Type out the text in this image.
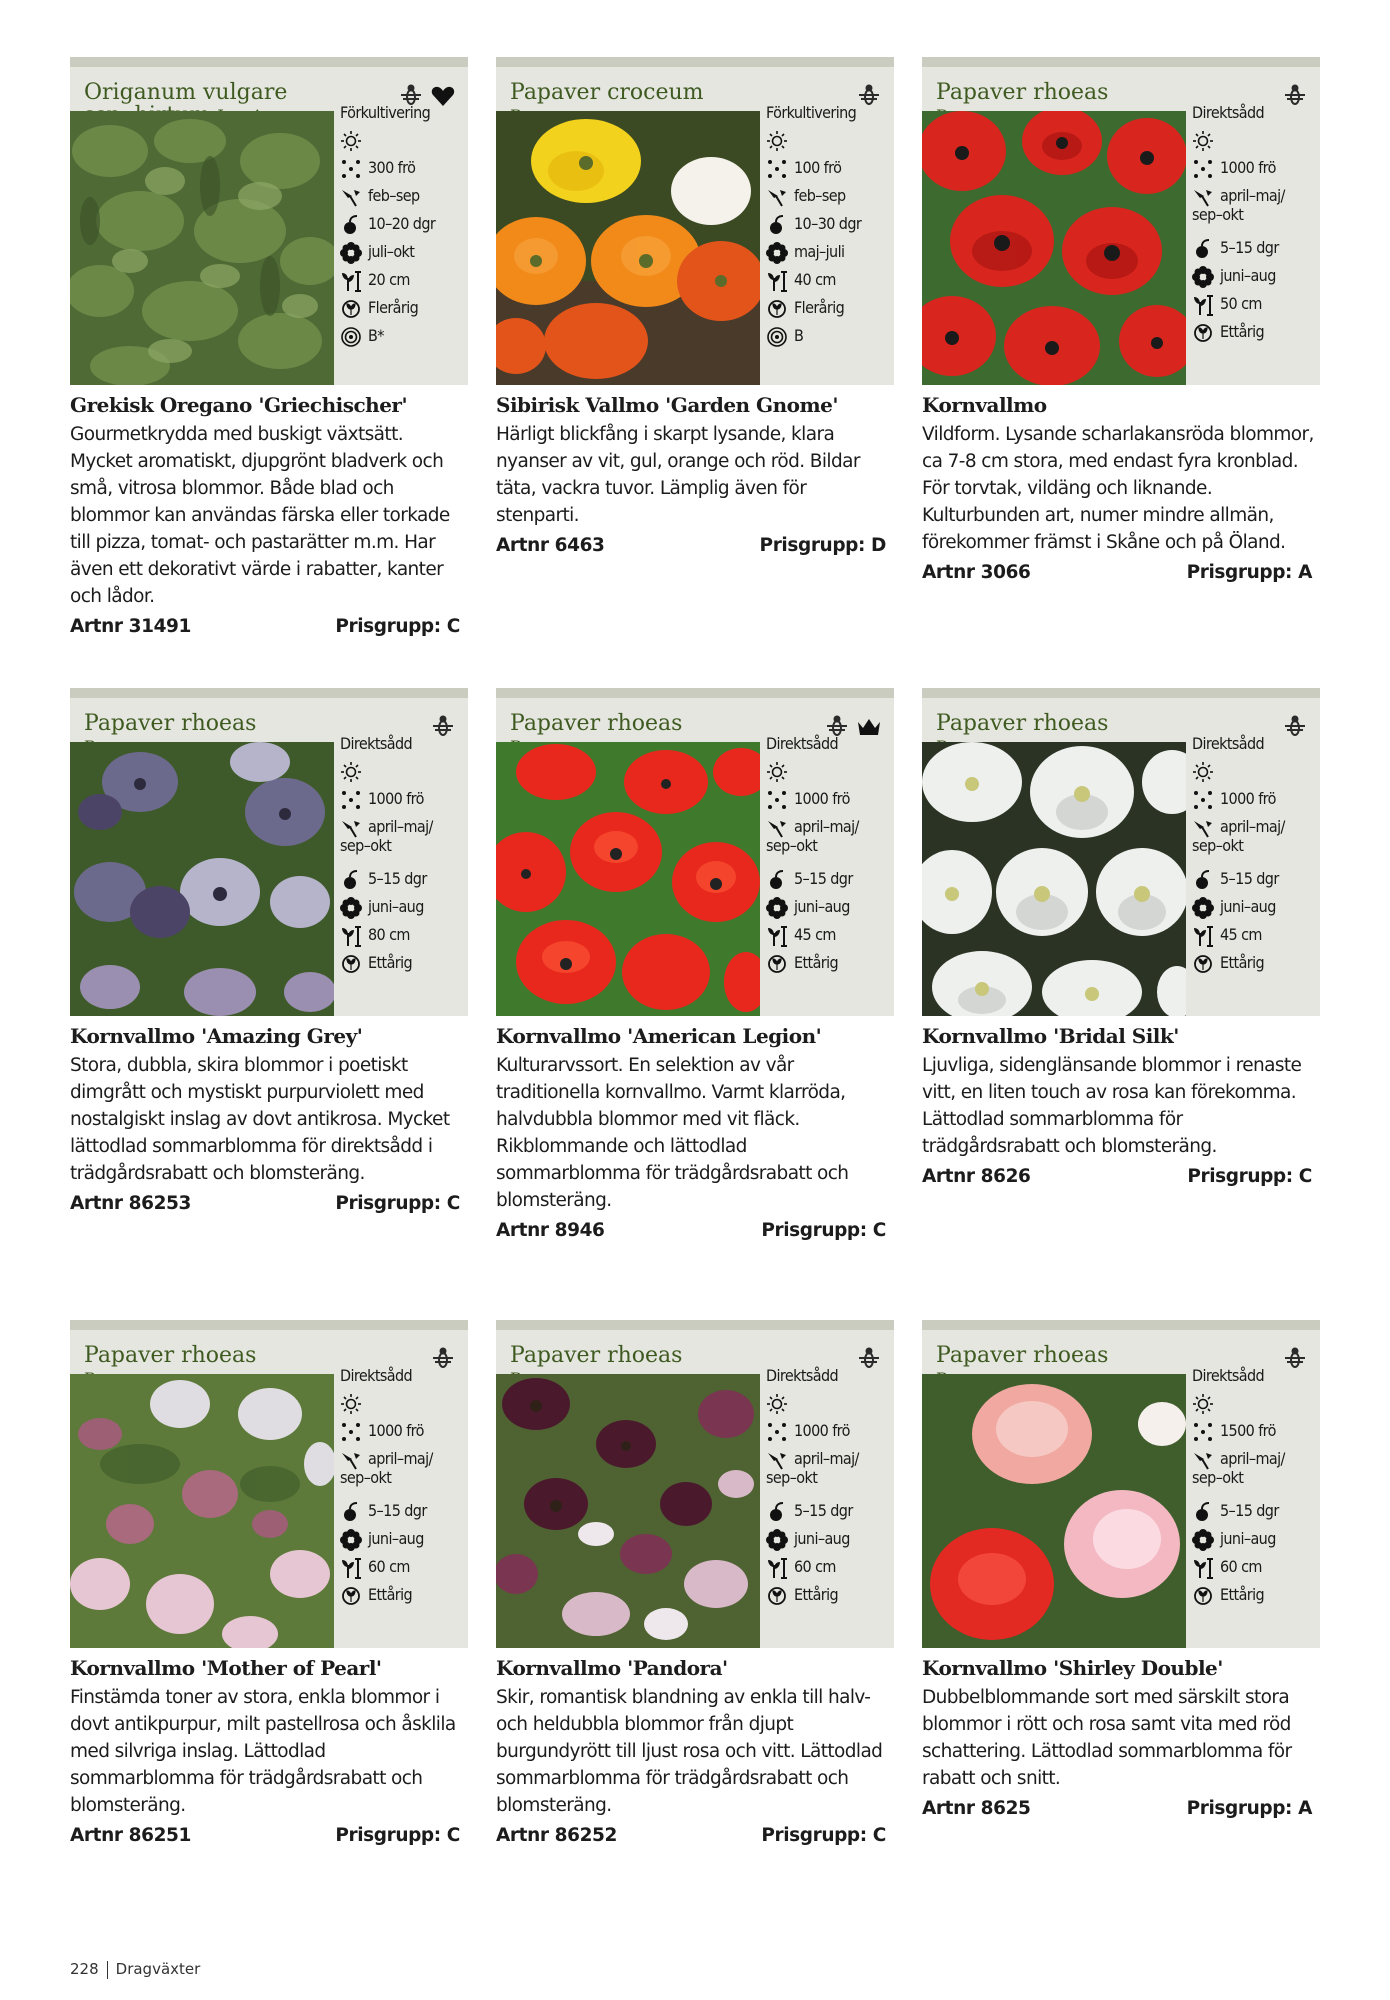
Origanum vulgare

Förkultivering
300 frö
feb–sep
10–20 dgr
juli–okt
20 cm
Flerårig
B*
Grekisk Oregano 'Griechischer'
Gourmetkrydda med buskigt växtsätt. Mycket aromatiskt, djupgrönt bladverk och små, vitrosa blommor. Både blad och blommor kan användas färska eller torkade till pizza, tomat- och pastarätter m.m. Har även ett dekorativt värde i rabatter, kanter och lådor.
Artnr 31491	Prisgrupp: C
Papaver croceum
Förkultivering
100 frö
feb–sep
10–30 dgr
maj–juli
40 cm
Flerårig
B
Sibirisk Vallmo 'Garden Gnome'
Härligt blickfång i skarpt lysande, klara nyanser av vit, gul, orange och röd. Bildar täta, vackra tuvor. Lämplig även för stenparti.
Artnr 6463	Prisgrupp: D
Papaver rhoeas
Direktsådd
1000 frö
april–maj/
sep–okt
5–15 dgr
juni–aug
50 cm
Ettårig
Kornvallmo
Vildform. Lysande scharlakansröda blommor, ca 7-8 cm stora, med endast fyra kronblad. För torvtak, vildäng och liknande. Kulturbunden art, numer mindre allmän, förekommer främst i Skåne och på Öland.
Artnr 3066	Prisgrupp: A
Papaver rhoeas
Direktsådd
1000 frö
april–maj/
sep–okt
5–15 dgr
juni–aug
80 cm
Ettårig
Kornvallmo 'Amazing Grey'
Stora, dubbla, skira blommor i poetiskt dimgrått och mystiskt purpurviolett med nostalgiskt inslag av dovt antikrosa. Mycket lättodlad sommarblomma för direktsådd i trädgårdsrabatt och blomsteräng.
Artnr 86253	Prisgrupp: C
Papaver rhoeas
Direktsådd
1000 frö
april–maj/
sep–okt
5–15 dgr
juni–aug
45 cm
Ettårig
Kornvallmo 'American Legion'
Kulturarvssort. En selektion av vår traditionella kornvallmo. Varmt klarröda, halvdubbla blommor med vit fläck. Rikblommande och lättodlad sommarblomma för trädgårdsrabatt och blomsteräng.
Artnr 8946	Prisgrupp: C
Papaver rhoeas
Direktsådd
1000 frö
april–maj/
sep–okt
5–15 dgr
juni–aug
45 cm
Ettårig
Kornvallmo 'Bridal Silk'
Ljuvliga, sidenglänsande blommor i renaste vitt, en liten touch av rosa kan förekomma. Lättodlad sommarblomma för trädgårdsrabatt och blomsteräng.
Artnr 8626	Prisgrupp: C
Papaver rhoeas
Direktsådd
1000 frö
april–maj/
sep–okt
5–15 dgr
juni–aug
60 cm
Ettårig
Kornvallmo 'Mother of Pearl'
Finstämda toner av stora, enkla blommor i dovt antikpurpur, milt pastellrosa och åsklila med silvriga inslag. Lättodlad sommarblomma för trädgårdsrabatt och blomsteräng.
Artnr 86251	Prisgrupp: C
Papaver rhoeas
Direktsådd
1000 frö
april–maj/
sep–okt
5–15 dgr
juni–aug
60 cm
Ettårig
Kornvallmo 'Pandora'
Skir, romantisk blandning av enkla till halv- och heldubbla blommor från djupt burgundyrött till ljust rosa och vitt. Lättodlad sommarblomma för trädgårdsrabatt och blomsteräng.
Artnr 86252	Prisgrupp: C
Papaver rhoeas
Direktsådd
1500 frö
april–maj/
sep–okt
5–15 dgr
juni–aug
60 cm
Ettårig
Kornvallmo 'Shirley Double'
Dubbelblommande sort med särskilt stora blommor i rött och rosa samt vita med röd schattering. Lättodlad sommarblomma för rabatt och snitt.
Artnr 8625	Prisgrupp: A
228 Dragväxter
